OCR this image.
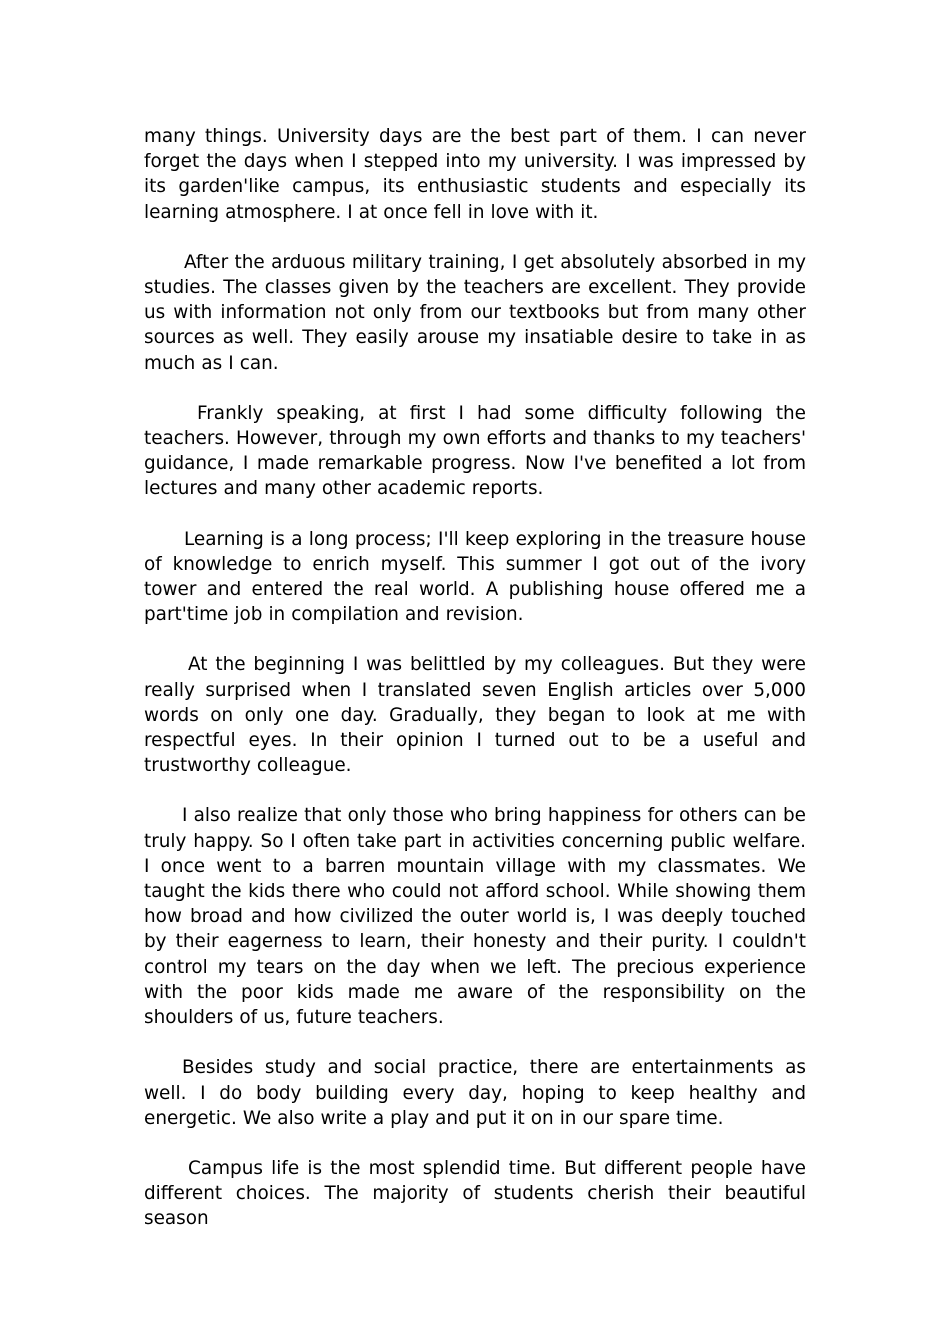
many things. University days are the best part of them. I can never forget the days when I stepped into my university. I was impressed by its garden'like campus, its enthusiastic students and especially its learning atmosphere. I at once fell in love with it.

After the arduous military training, I get absolutely absorbed in my studies. The classes given by the teachers are excellent. They provide us with information not only from our textbooks but from many other sources as well. They easily arouse my insatiable desire to take in as much as I can.

Frankly speaking, at first I had some difficulty following the teachers. However, through my own efforts and thanks to my teachers' guidance, I made remarkable progress. Now I've benefited a lot from lectures and many other academic reports.

Learning is a long process; I'll keep exploring in the treasure house of knowledge to enrich myself. This summer I got out of the ivory tower and entered the real world. A publishing house offered me a part'time job in compilation and revision.

At the beginning I was belittled by my colleagues. But they were really surprised when I translated seven English articles over 5,000 words on only one day. Gradually, they began to look at me with respectful eyes. In their opinion I turned out to be a useful and trustworthy colleague.

I also realize that only those who bring happiness for others can be truly happy. So I often take part in activities concerning public welfare. I once went to a barren mountain village with my classmates. We taught the kids there who could not afford school. While showing them how broad and how civilized the outer world is, I was deeply touched by their eagerness to learn, their honesty and their purity. I couldn't control my tears on the day when we left. The precious experience with the poor kids made me aware of the responsibility on the shoulders of us, future teachers.

Besides study and social practice, there are entertainments as well. I do body building every day, hoping to keep healthy and energetic. We also write a play and put it on in our spare time.

Campus life is the most splendid time. But different people have different choices. The majority of students cherish their beautiful season
